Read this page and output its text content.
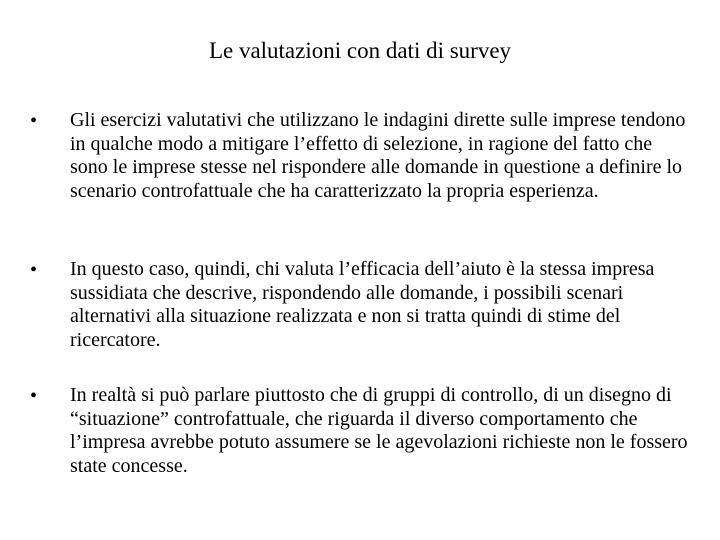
Le valutazioni con dati di survey
• Gli esercizi valutativi che utilizzano le indagini dirette sulle imprese tendono in qualche modo a mitigare l’effetto di selezione, in ragione del fatto che sono le imprese stesse nel rispondere alle domande in questione a definire lo scenario controfattuale che ha caratterizzato la propria esperienza.
• In questo caso, quindi, chi valuta l’efficacia dell’aiuto è la stessa impresa sussidiata che descrive, rispondendo alle domande, i possibili scenari alternativi alla situazione realizzata e non si tratta quindi di stime del ricercatore.
• In realtà si può parlare piuttosto che di gruppi di controllo, di un disegno di “situazione” controfattuale, che riguarda il diverso comportamento che l’impresa avrebbe potuto assumere se le agevolazioni richieste non le fossero state concesse.
